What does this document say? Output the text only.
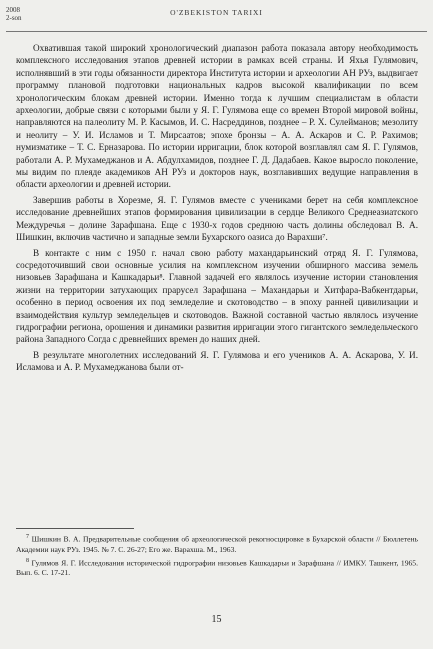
2008
2-son
O'ZBEKISTON TARIXI

Охватившая такой широкий хронологический диапазон работа показала автору необходимость комплексного исследования этапов древней истории в рамках всей страны. И Яхья Гулямович, исполнявший в эти годы обязанности директора Института истории и археологии АН РУз, выдвигает программу плановой подготовки национальных кадров высокой квалификации по всем хронологическим блокам древней истории. Именно тогда к лучшим специалистам в области археологии, добрые связи с которыми были у Я. Г. Гулямова еще со времен Второй мировой войны, направляются на палеолиту М. Р. Касымов, И. С. Насреддинов, позднее – Р. Х. Сулейманов; мезолиту и неолиту – У. И. Исламов и Т. Мирсаатов; эпохе бронзы – А. А. Аскаров и С. Р. Рахимов; нумизматике – Т. С. Ерназарова. По истории ирригации, блок которой возглавлял сам Я. Г. Гулямов, работали А. Р. Мухамеджанов и А. Абдулхамидов, позднее Г. Д. Дадабаев. Какое выросло поколение, мы видим по плеяде академиков АН РУз и докторов наук, возглавивших ведущие направления в области археологии и древней истории.

Завершив работы в Хорезме, Я. Г. Гулямов вместе с учениками берет на себя комплексное исследование древнейших этапов формирования цивилизации в сердце Великого Среднеазиатского Междуречья – долине Зарафшана. Еще с 1930-х годов среднюю часть долины обследовал В. А. Шишкин, включив частично и западные земли Бухарского оазиса до Варахши⁷.

В контакте с ним с 1950 г. начал свою работу махандарьинский отряд Я. Г. Гулямова, сосредоточивший свои основные усилия на комплексном изучении обширного массива земель низовьев Зарафшана и Кашкадарьи⁸. Главной задачей его являлось изучение истории становления жизни на территории затухающих прарусел Зарафшана – Махандарьи и Хитфара-Вабкентдарьи, особенно в период освоения их под земледелие и скотоводство – в эпоху ранней цивилизации и взаимодействия культур земледельцев и скотоводов. Важной составной частью являлось изучение гидрографии региона, орошения и динамики развития ирригации этого гигантского земледельческого района Западного Согда с древнейших времен до наших дней.

В результате многолетних исследований Я. Г. Гулямова и его учеников А. А. Аскарова, У. И. Исламова и А. Р. Мухамеджанова были от-

$^7$ Шишкин В. А. Предварительные сообщения об археологической рекогносцировке в Бухарской области // Бюллетень Академии наук РУз. 1945. № 7. С. 26-27; Его же. Варахша. М., 1963.

$^8$ Гулямов Я. Г. Исследования исторической гидрографии низовьев Кашкадарьи и Зарафшана // ИМКУ. Ташкент, 1965. Вып. 6. С. 17-21.

15
